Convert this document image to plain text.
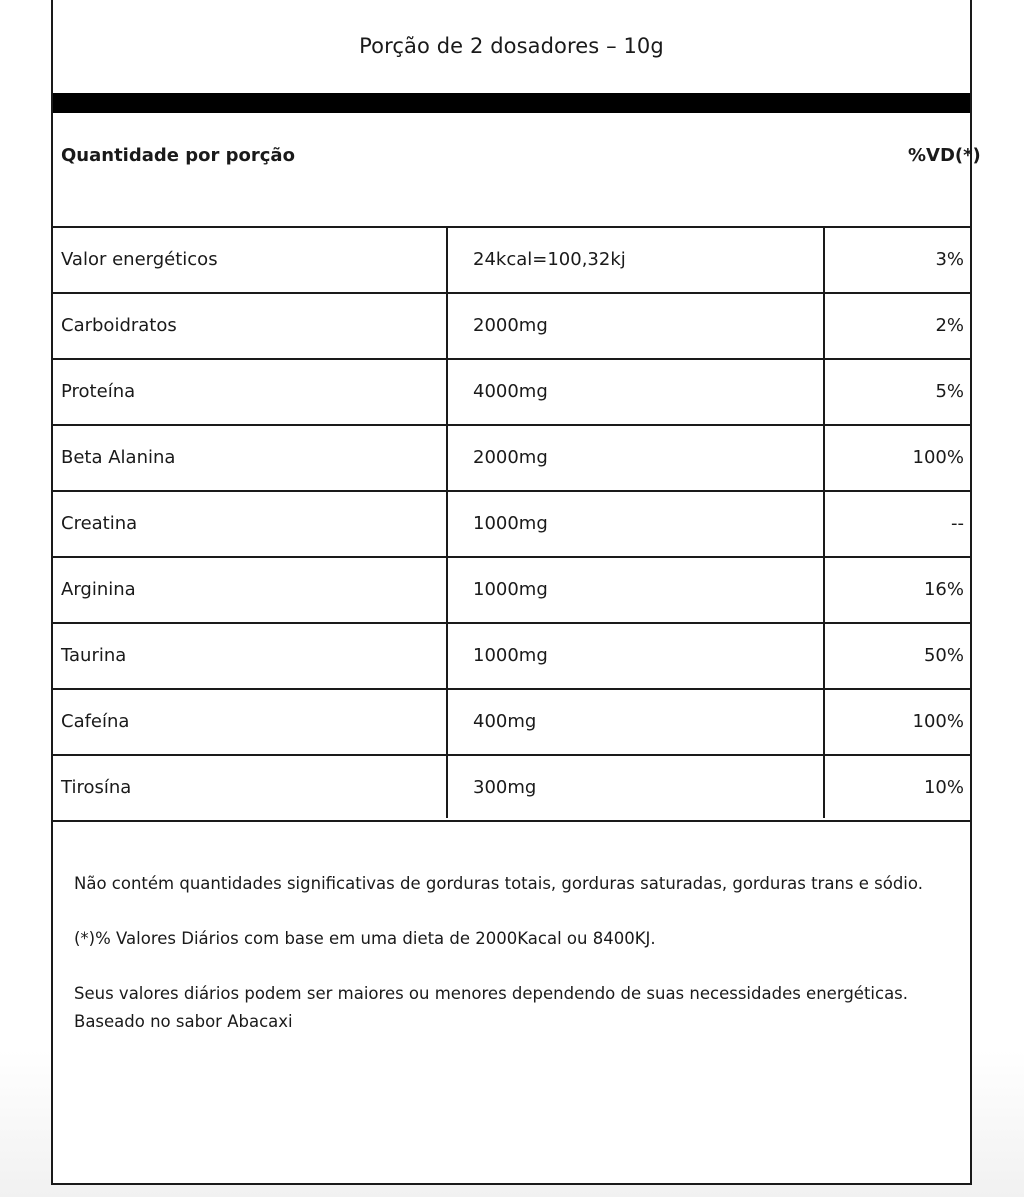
Porção de 2 dosadores – 10g
Quantidade por porção	%VD(*)
Valor energéticos	24kcal=100,32kj	3%
Carboidratos	2000mg	2%
Proteína	4000mg	5%
Beta Alanina	2000mg	100%
Creatina	1000mg	--
Arginina	1000mg	16%
Taurina	1000mg	50%
Cafeína	400mg	100%
Tirosína	300mg	10%

Não contém quantidades significativas de gorduras totais, gorduras saturadas, gorduras trans e sódio.

(*)% Valores Diários com base em uma dieta de 2000Kacal ou 8400KJ.

Seus valores diários podem ser maiores ou menores dependendo de suas necessidades energéticas.

Baseado no sabor Abacaxi
